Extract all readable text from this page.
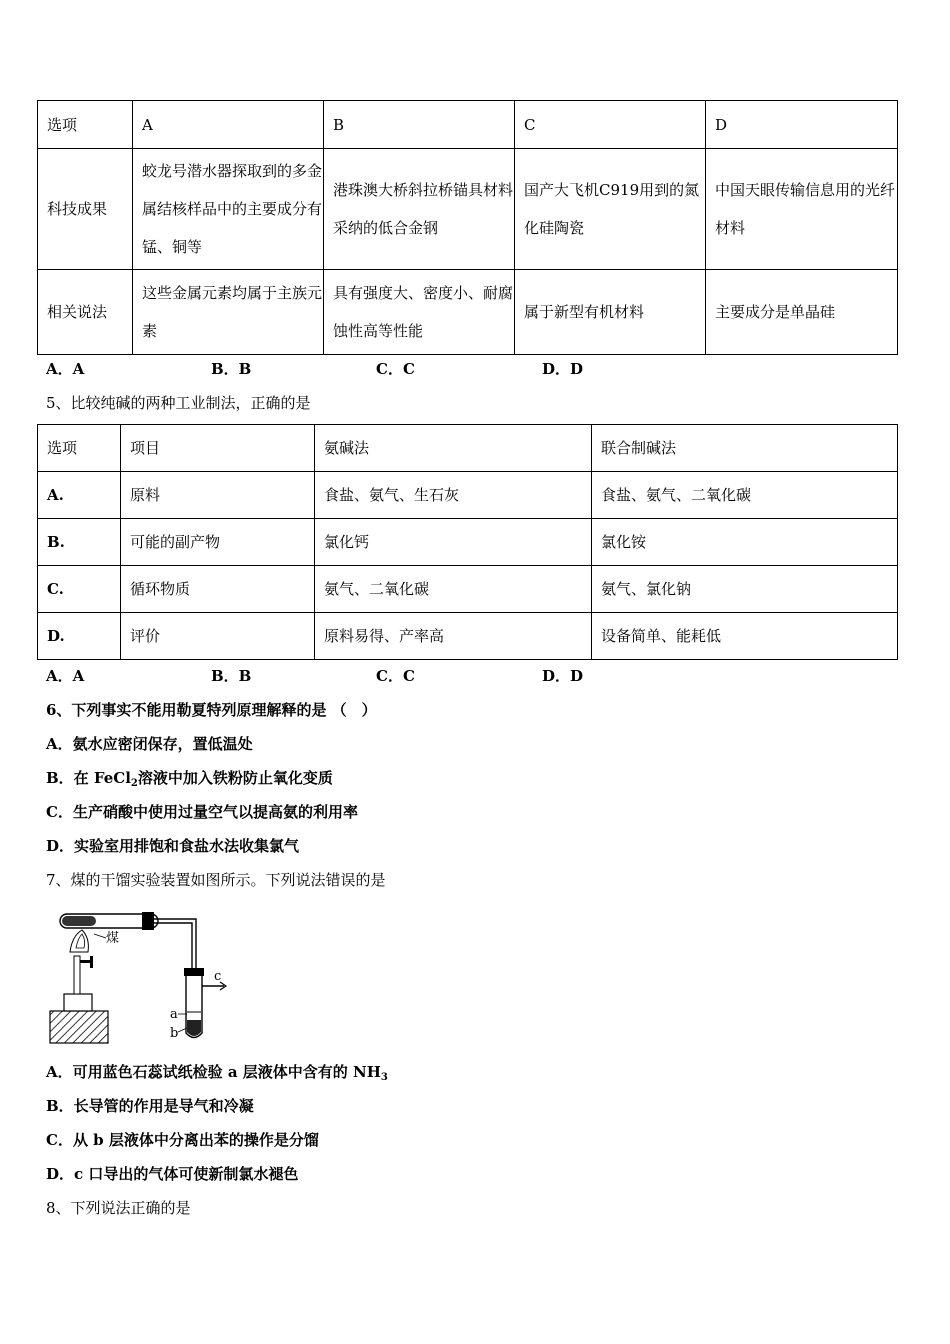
选项	A	B	C	D
科技成果	蛟龙号潜水器探取到的多金属结核样品中的主要成分有锰、铜等	港珠澳大桥斜拉桥锚具材料采纳的低合金钢	国产大飞机C919用到的氮化硅陶瓷	中国天眼传输信息用的光纤材料
相关说法	这些金属元素均属于主族元素	具有强度大、密度小、耐腐蚀性高等性能	属于新型有机材料	主要成分是单晶硅
A．A	B．B	C．C	D．D
5、比较纯碱的两种工业制法，正确的是
选项	项目	氨碱法	联合制碱法
A.	原料	食盐、氨气、生石灰	食盐、氨气、二氧化碳
B.	可能的副产物	氯化钙	氯化铵
C.	循环物质	氨气、二氧化碳	氨气、氯化钠
D.	评价	原料易得、产率高	设备简单、能耗低
A．A	B．B	C．C	D．D
6、下列事实不能用勒夏特列原理解释的是 （　）
A．氨水应密闭保存，置低温处
B．在 FeCl$_2$溶液中加入铁粉防止氧化变质
C．生产硝酸中使用过量空气以提高氨的利用率
D．实验室用排饱和食盐水法收集氯气
7、煤的干馏实验装置如图所示。下列说法错误的是
煤
a
b
c
A．可用蓝色石蕊试纸检验 a 层液体中含有的 $NH_3$
B．长导管的作用是导气和冷凝
C．从 b 层液体中分离出苯的操作是分馏
D．c 口导出的气体可使新制氯水褪色
8、下列说法正确的是
